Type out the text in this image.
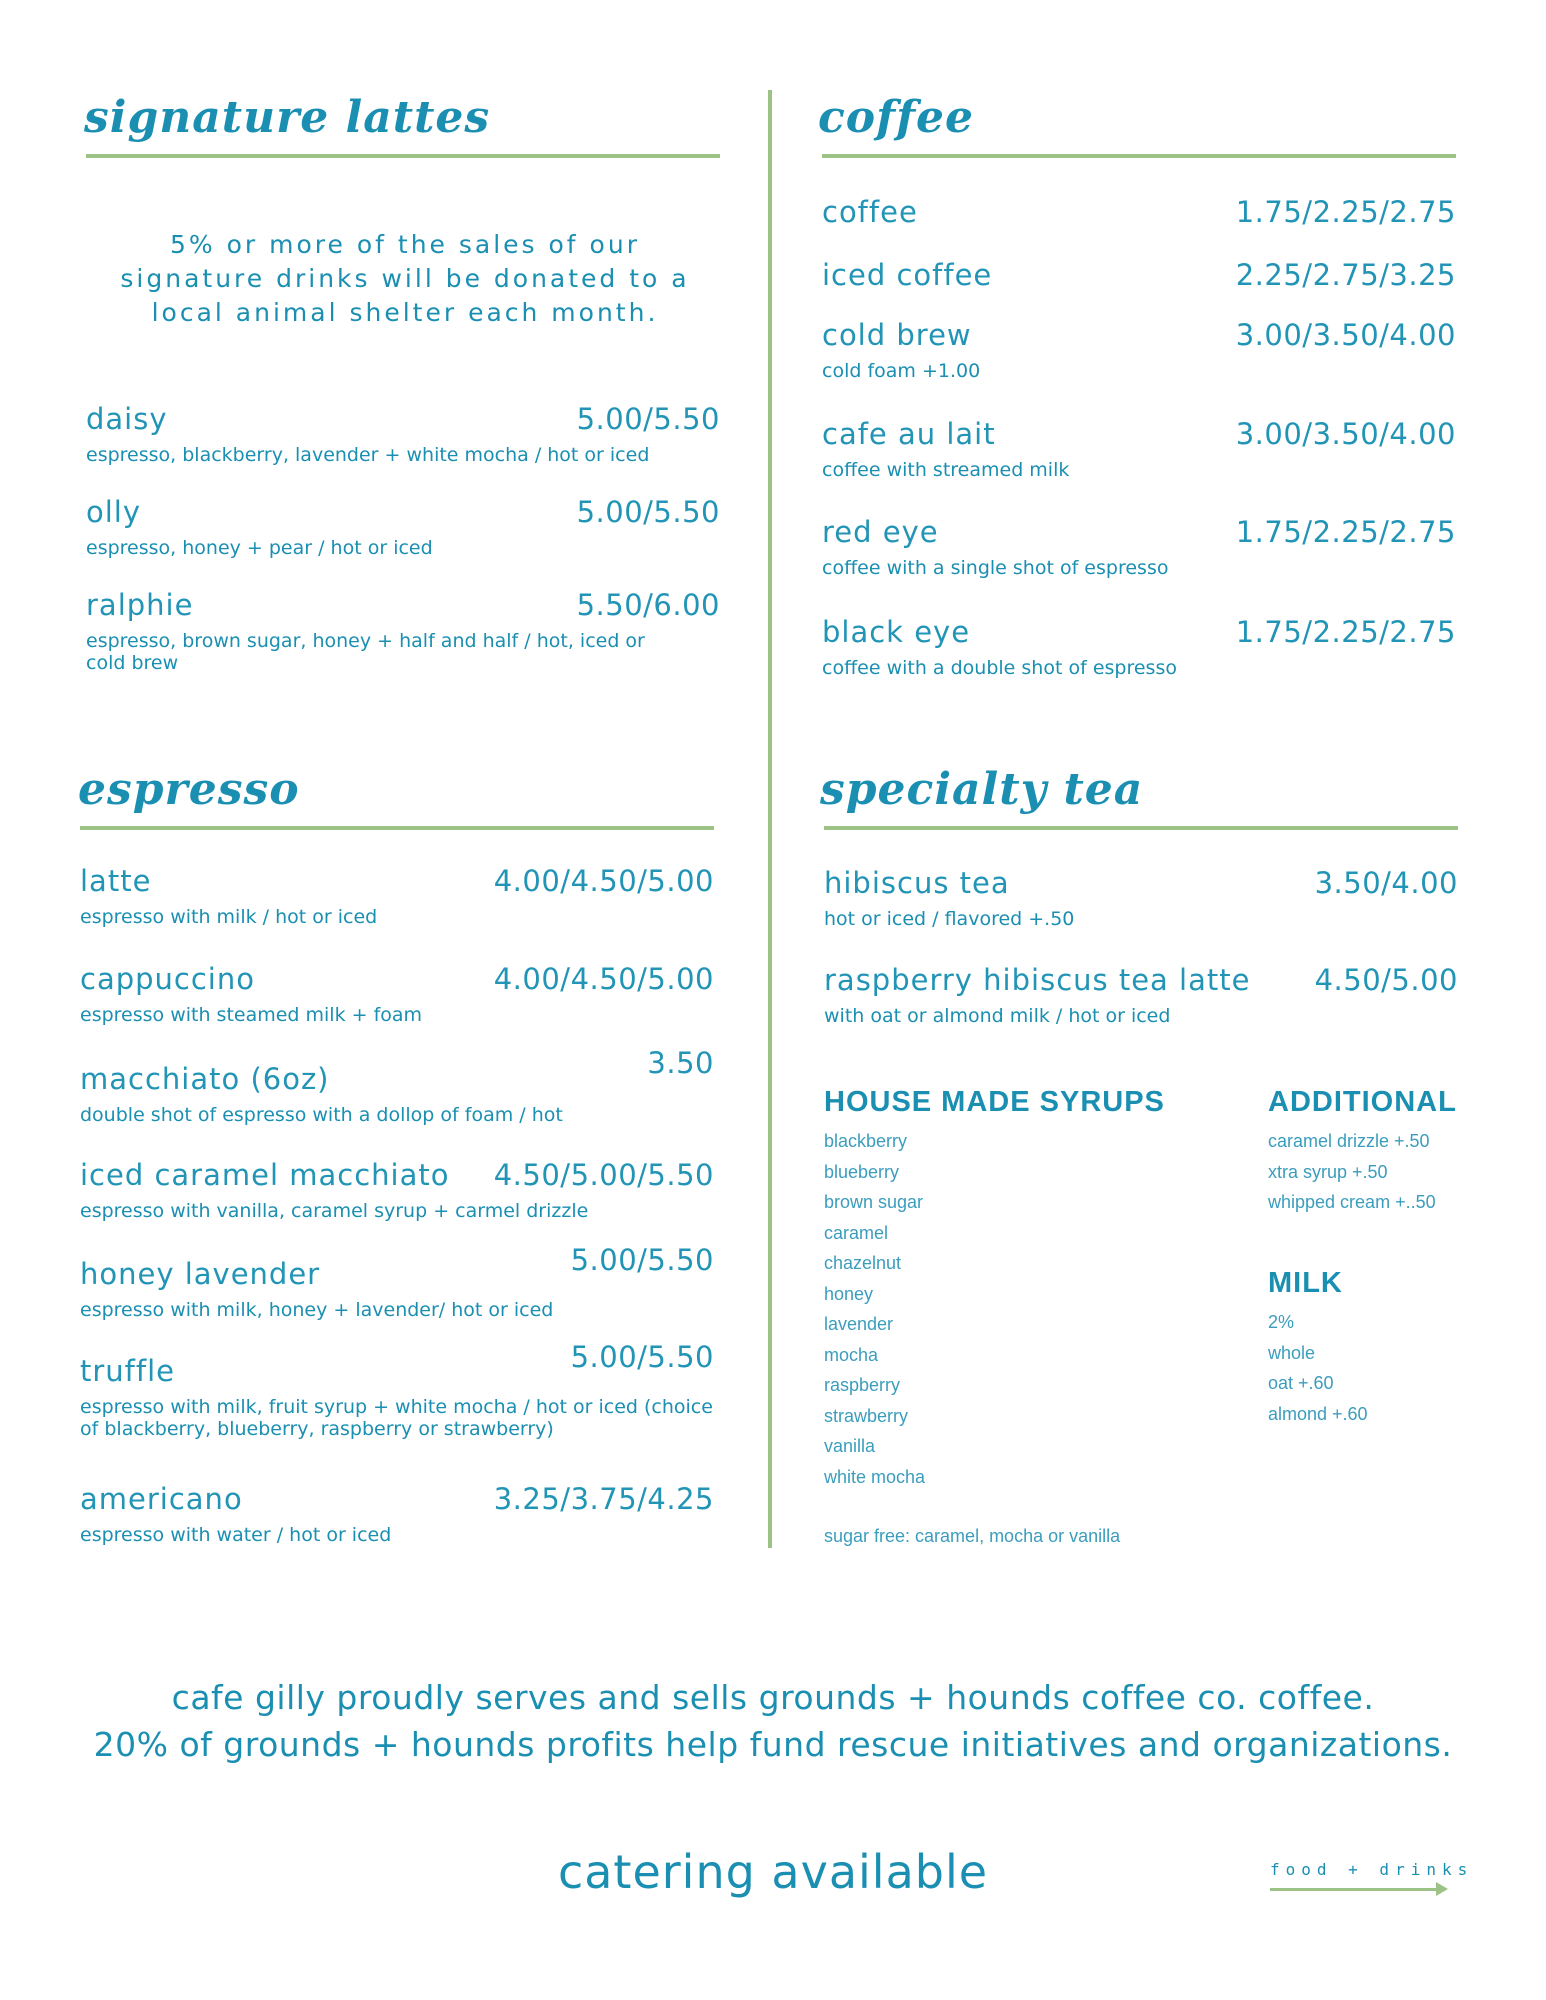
signature lattes
5% or more of the sales of our signature drinks will be donated to a local animal shelter each month.
daisy	5.00/5.50
espresso, blackberry, lavender + white mocha / hot or iced
olly	5.00/5.50
espresso, honey + pear / hot or iced
ralphie	5.50/6.00
espresso, brown sugar, honey + half and half / hot, iced or cold brew
coffee
coffee	1.75/2.25/2.75
iced coffee	2.25/2.75/3.25
cold brew	3.00/3.50/4.00
cold foam +1.00
cafe au lait	3.00/3.50/4.00
coffee with streamed milk
red eye	1.75/2.25/2.75
coffee with a single shot of espresso
black eye	1.75/2.25/2.75
coffee with a double shot of espresso
espresso
latte	4.00/4.50/5.00
espresso with milk / hot or iced
cappuccino	4.00/4.50/5.00
espresso with steamed milk + foam
macchiato (6oz)	3.50
double shot of espresso with a dollop of foam / hot
iced caramel macchiato 4.50/5.00/5.50
espresso with vanilla, caramel syrup + carmel drizzle
honey lavender	5.00/5.50
espresso with milk, honey + lavender/ hot or iced
truffle	5.00/5.50
espresso with milk, fruit syrup + white mocha / hot or iced (choice of blackberry, blueberry, raspberry or strawberry)
americano	3.25/3.75/4.25
espresso with water / hot or iced
specialty tea
hibiscus tea	3.50/4.00
hot or iced / flavored +.50
raspberry hibiscus tea latte 4.50/5.00
with oat or almond milk / hot or iced
HOUSE MADE SYRUPS
blackberry
blueberry
brown sugar
caramel
chazelnut
honey
lavender
mocha
raspberry
strawberry
vanilla
white mocha
sugar free: caramel, mocha or vanilla
ADDITIONAL
caramel drizzle +.50
xtra syrup +.50
whipped cream +..50
MILK
2%
whole
oat +.60
almond +.60
cafe gilly proudly serves and sells grounds + hounds coffee co. coffee.
20% of grounds + hounds profits help fund rescue initiatives and organizations.
catering available	food + drinks
